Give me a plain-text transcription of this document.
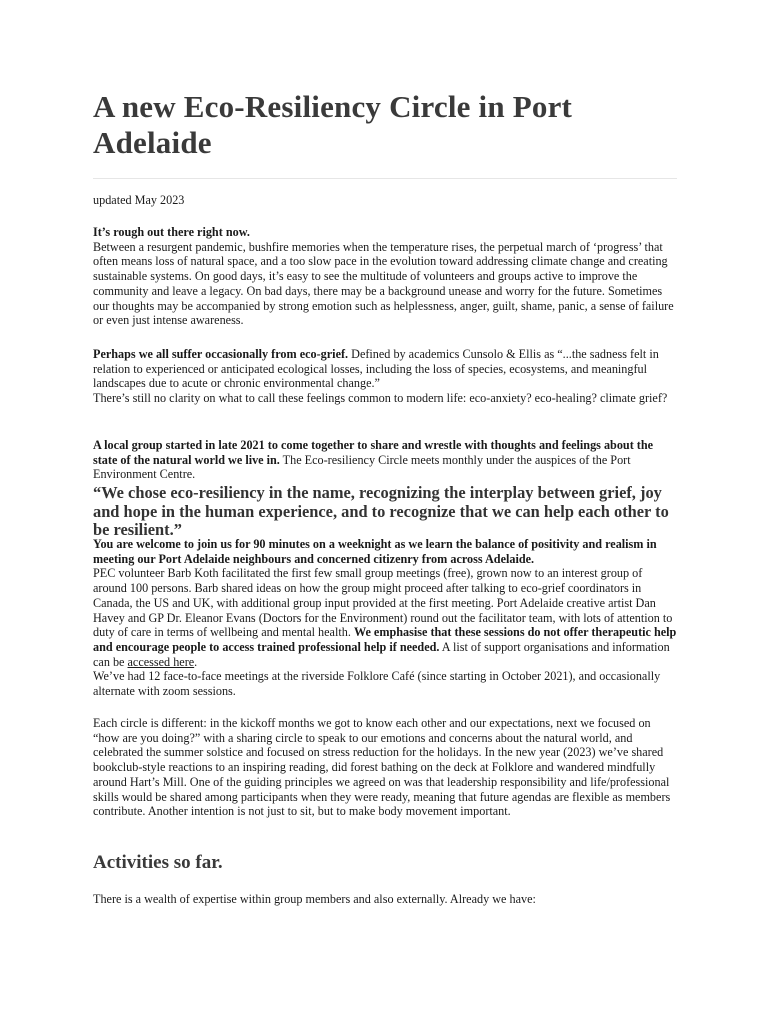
A new Eco-Resiliency Circle in Port Adelaide
updated May 2023

It’s rough out there right now.

Between a resurgent pandemic, bushfire memories when the temperature rises, the perpetual march of ‘progress’ that often means loss of natural space, and a too slow pace in the evolution toward addressing climate change and creating sustainable systems. On good days, it’s easy to see the multitude of volunteers and groups active to improve the community and leave a legacy. On bad days, there may be a background unease and worry for the future. Sometimes our thoughts may be accompanied by strong emotion such as helplessness, anger, guilt, shame, panic, a sense of failure or even just intense awareness.

Perhaps we all suffer occasionally from eco-grief. Defined by academics Cunsolo & Ellis as “...the sadness felt in relation to experienced or anticipated ecological losses, including the loss of species, ecosystems, and meaningful landscapes due to acute or chronic environmental change.”

There’s still no clarity on what to call these feelings common to modern life: eco-anxiety? eco-healing? climate grief?

A local group started in late 2021 to come together to share and wrestle with thoughts and feelings about the state of the natural world we live in. The Eco-resiliency Circle meets monthly under the auspices of the Port Environment Centre.

“We chose eco-resiliency in the name, recognizing the interplay between grief, joy and hope in the human experience, and to recognize that we can help each other to be resilient.”

You are welcome to join us for 90 minutes on a weeknight as we learn the balance of positivity and realism in meeting our Port Adelaide neighbours and concerned citizenry from across Adelaide.

PEC volunteer Barb Koth facilitated the first few small group meetings (free), grown now to an interest group of around 100 persons. Barb shared ideas on how the group might proceed after talking to eco-grief coordinators in Canada, the US and UK, with additional group input provided at the first meeting. Port Adelaide creative artist Dan Havey and GP Dr. Eleanor Evans (Doctors for the Environment) round out the facilitator team, with lots of attention to duty of care in terms of wellbeing and mental health. We emphasise that these sessions do not offer therapeutic help and encourage people to access trained professional help if needed. A list of support organisations and information can be accessed here.

We’ve had 12 face-to-face meetings at the riverside Folklore Café (since starting in October 2021), and occasionally alternate with zoom sessions.

Each circle is different: in the kickoff months we got to know each other and our expectations, next we focused on “how are you doing?” with a sharing circle to speak to our emotions and concerns about the natural world, and celebrated the summer solstice and focused on stress reduction for the holidays. In the new year (2023) we’ve shared bookclub-style reactions to an inspiring reading, did forest bathing on the deck at Folklore and wandered mindfully around Hart’s Mill. One of the guiding principles we agreed on was that leadership responsibility and life/professional skills would be shared among participants when they were ready, meaning that future agendas are flexible as members contribute. Another intention is not just to sit, but to make body movement important.

Activities so far.
There is a wealth of expertise within group members and also externally. Already we have:
